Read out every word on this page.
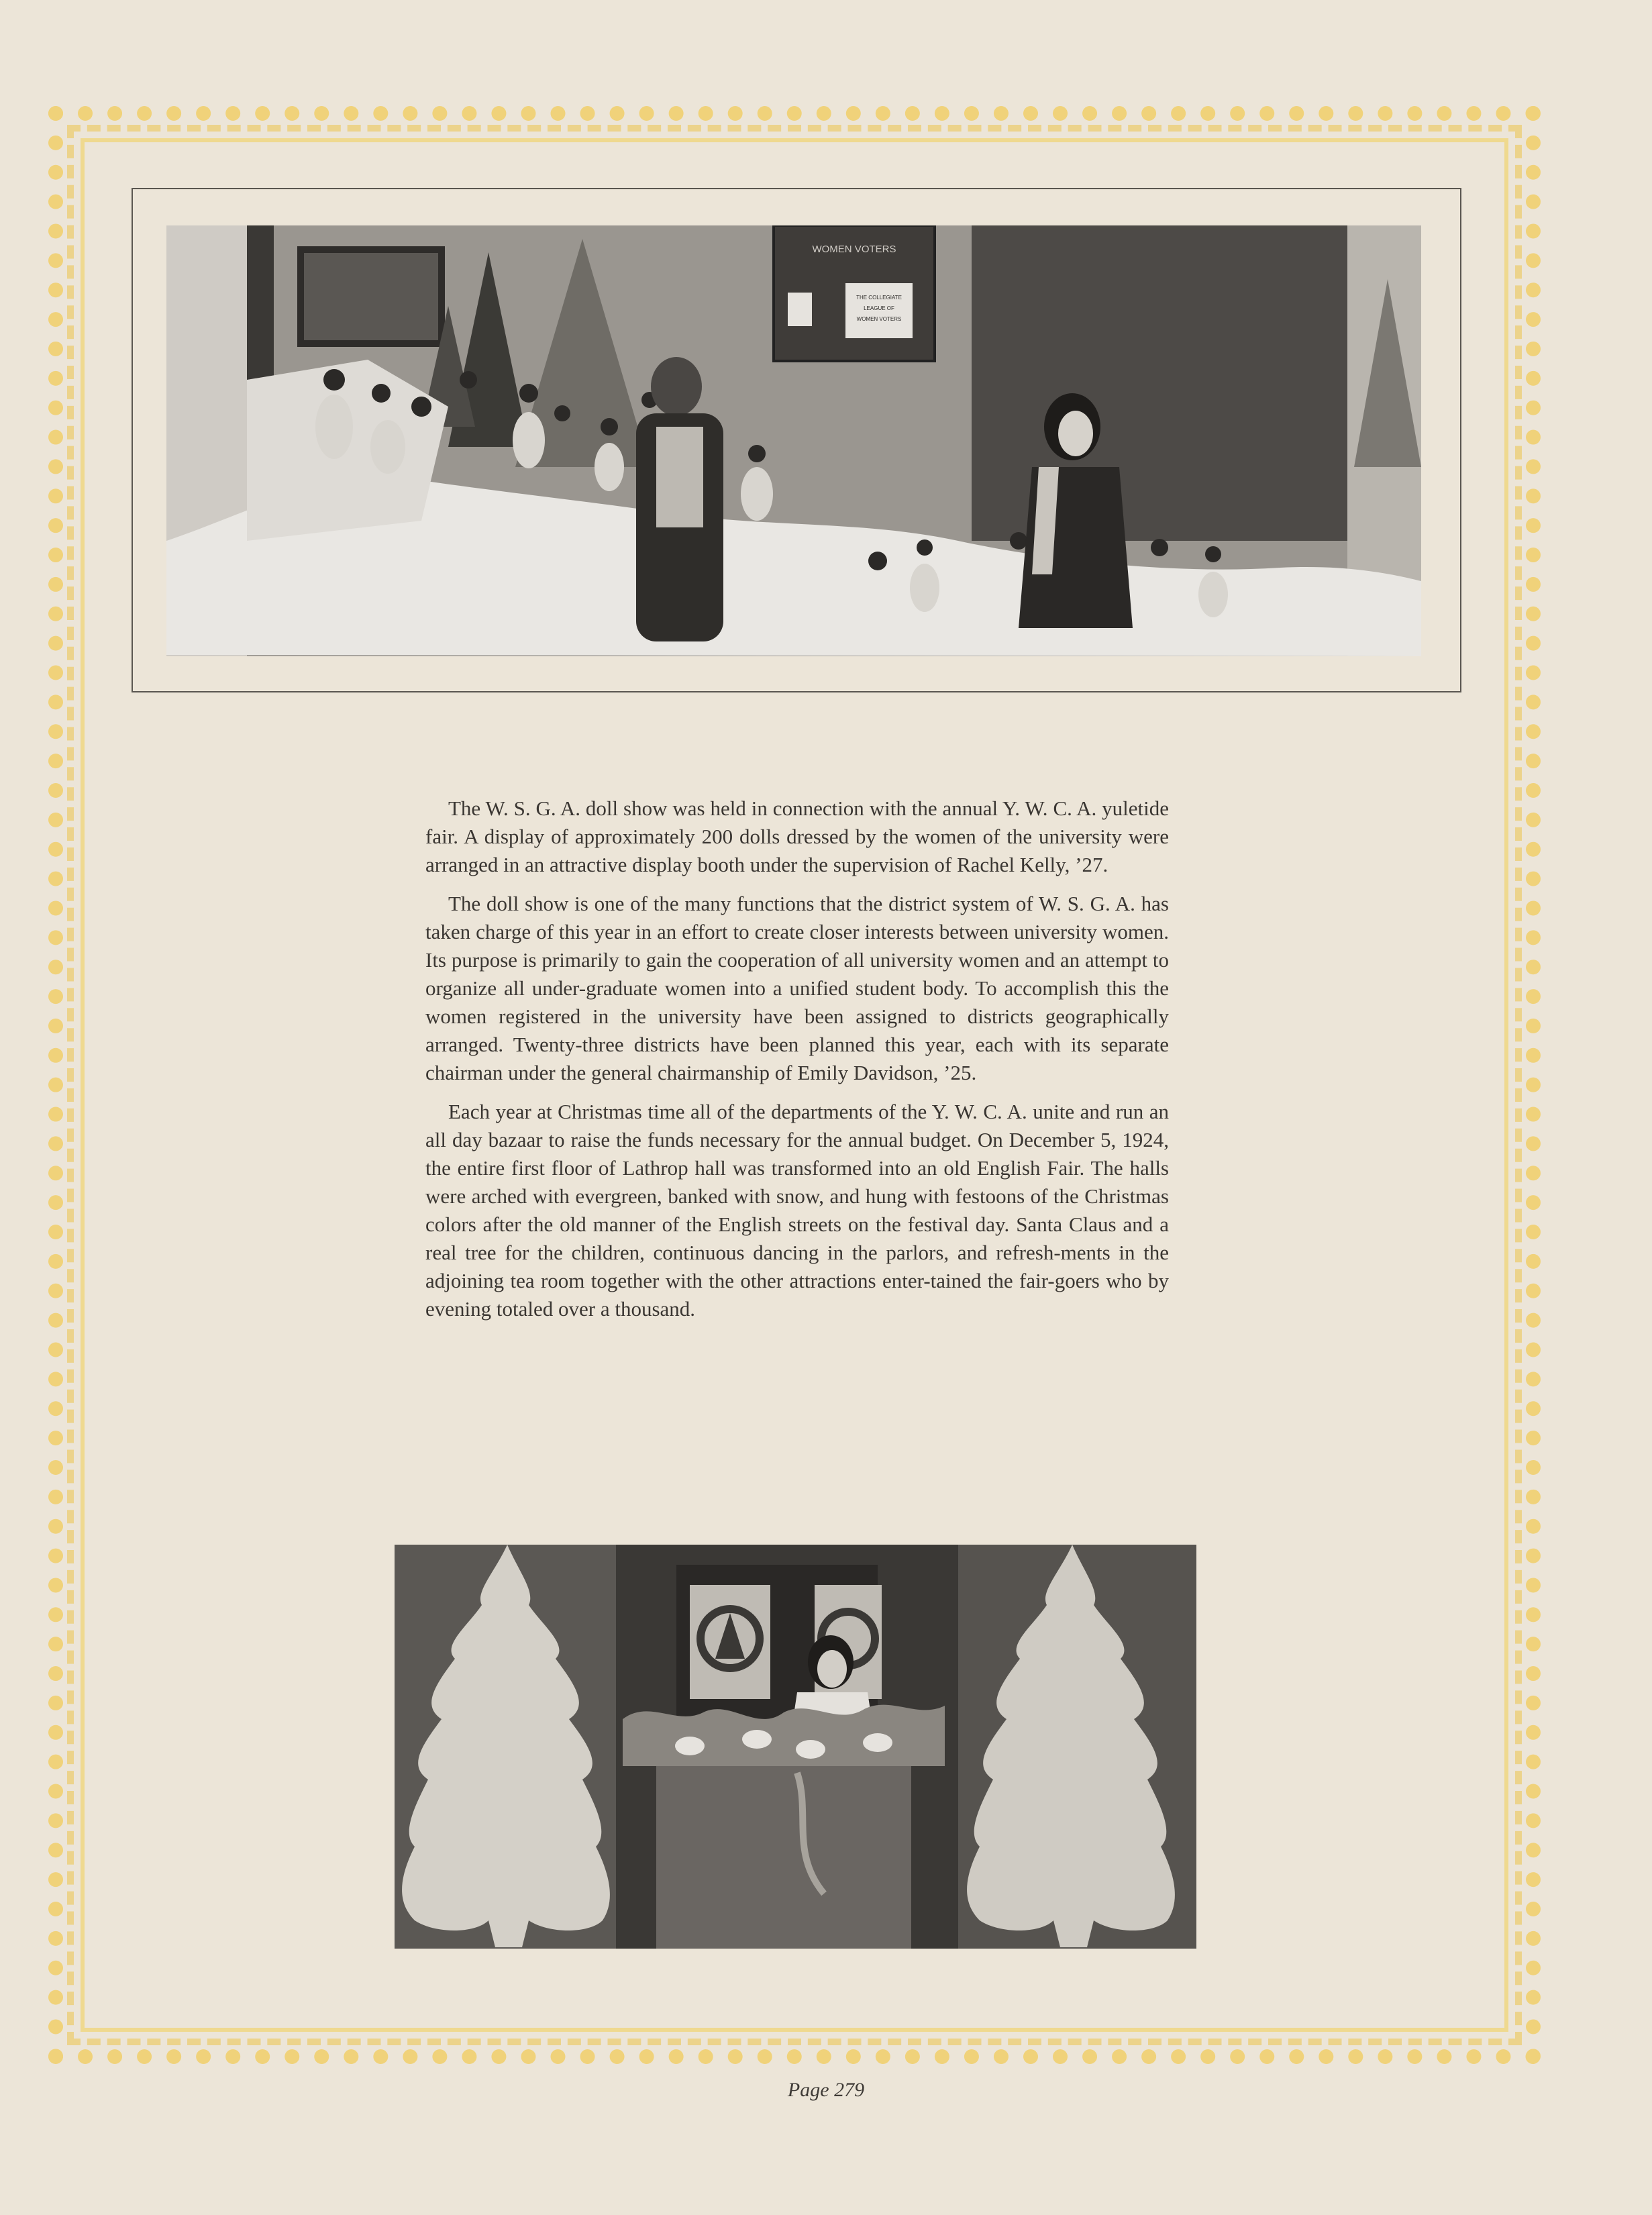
WOMEN VOTERS
THE COLLEGIATE
LEAGUE OF
WOMEN VOTERS

The W. S. G. A. doll show was held in connection with the annual Y. W. C. A. yuletide fair. A display of approximately 200 dolls dressed by the women of the university were arranged in an attractive display booth under the supervision of Rachel Kelly, ’27.

The doll show is one of the many functions that the district system of W. S. G. A. has taken charge of this year in an effort to create closer interests between university women. Its purpose is primarily to gain the cooperation of all university women and an attempt to organize all under-graduate women into a unified student body. To accomplish this the women registered in the university have been assigned to districts geographically arranged. Twenty-three districts have been planned this year, each with its separate chairman under the general chairmanship of Emily Davidson, ’25.

Each year at Christmas time all of the departments of the Y. W. C. A. unite and run an all day bazaar to raise the funds necessary for the annual budget. On December 5, 1924, the entire first floor of Lathrop hall was transformed into an old English Fair. The halls were arched with evergreen, banked with snow, and hung with festoons of the Christmas colors after the old manner of the English streets on the festival day. Santa Claus and a real tree for the children, continuous dancing in the parlors, and refresh-ments in the adjoining tea room together with the other attractions enter-tained the fair-goers who by evening totaled over a thousand.

Page 279
